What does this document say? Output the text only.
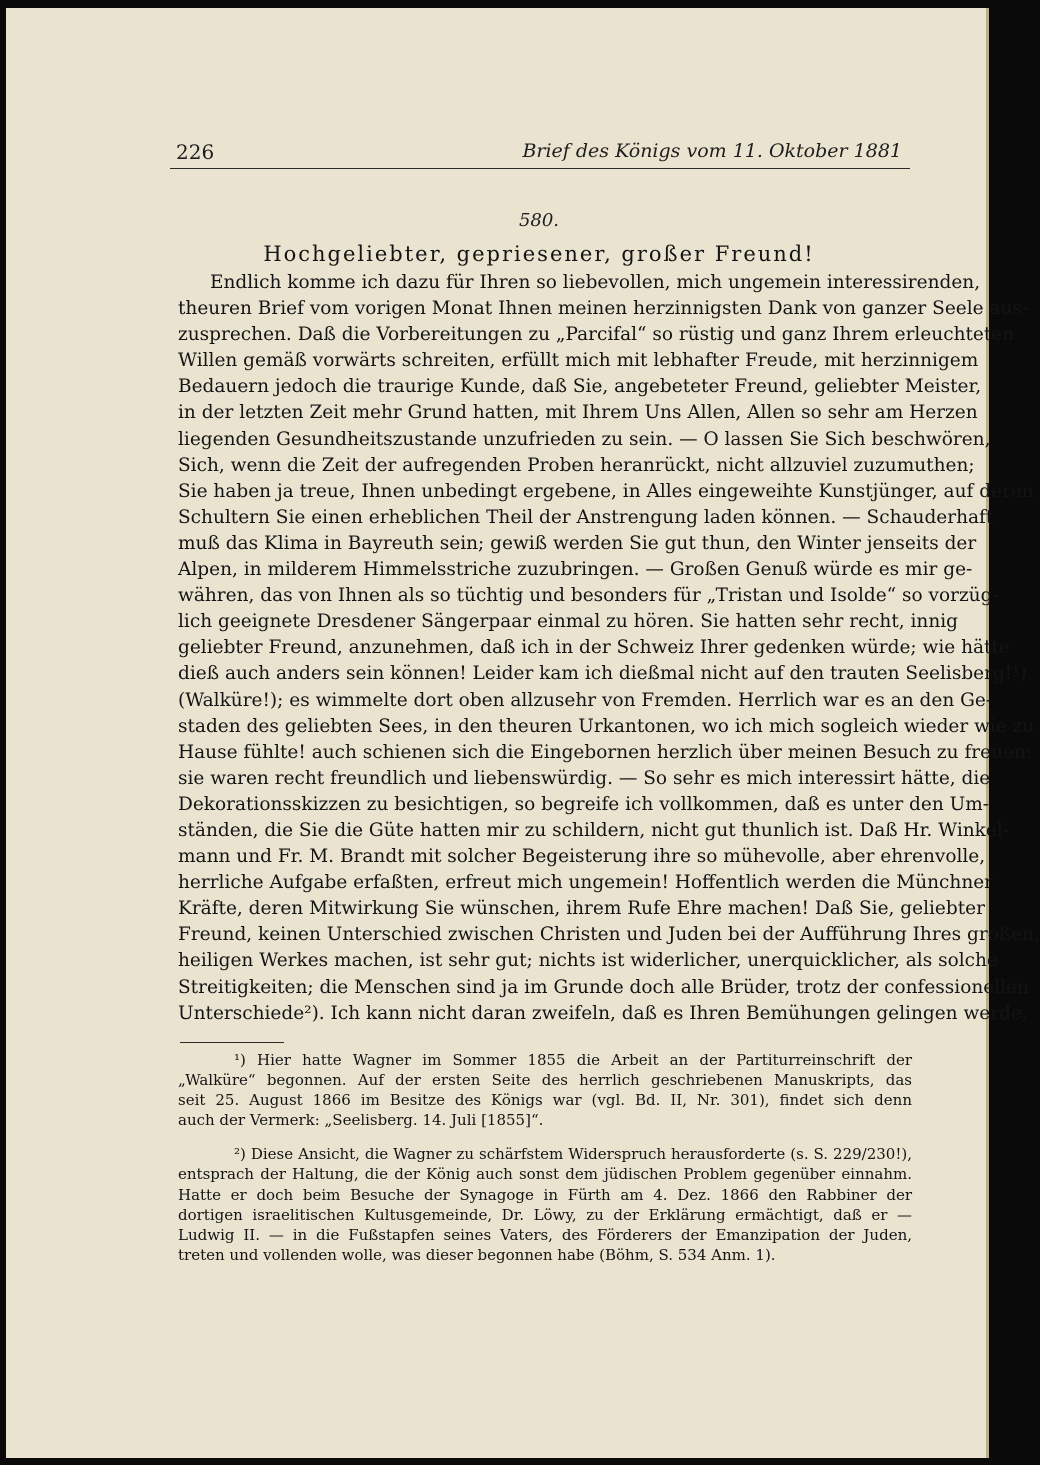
226	Brief des Königs vom 11. Oktober 1881
580.
Hochgeliebter, gepriesener, großer Freund!
Endlich komme ich dazu für Ihren so liebevollen, mich ungemein interessirenden,
theuren Brief vom vorigen Monat Ihnen meinen herzinnigsten Dank von ganzer Seele aus-
zusprechen. Daß die Vorbereitungen zu „Parcifal“ so rüstig und ganz Ihrem erleuchteten
Willen gemäß vorwärts schreiten, erfüllt mich mit lebhafter Freude, mit herzinnigem
Bedauern jedoch die traurige Kunde, daß Sie, angebeteter Freund, geliebter Meister,
in der letzten Zeit mehr Grund hatten, mit Ihrem Uns Allen, Allen so sehr am Herzen
liegenden Gesundheitszustande unzufrieden zu sein. — O lassen Sie Sich beschwören,
Sich, wenn die Zeit der aufregenden Proben heranrückt, nicht allzuviel zuzumuthen;
Sie haben ja treue, Ihnen unbedingt ergebene, in Alles eingeweihte Kunstjünger, auf deren
Schultern Sie einen erheblichen Theil der Anstrengung laden können. — Schauderhaft
muß das Klima in Bayreuth sein; gewiß werden Sie gut thun, den Winter jenseits der
Alpen, in milderem Himmelsstriche zuzubringen. — Großen Genuß würde es mir ge-
währen, das von Ihnen als so tüchtig und besonders für „Tristan und Isolde“ so vorzüg-
lich geeignete Dresdener Sängerpaar einmal zu hören. Sie hatten sehr recht, innig
geliebter Freund, anzunehmen, daß ich in der Schweiz Ihrer gedenken würde; wie hätte
dieß auch anders sein können! Leider kam ich dießmal nicht auf den trauten Seelisberg!¹)
(Walküre!); es wimmelte dort oben allzusehr von Fremden. Herrlich war es an den Ge-
staden des geliebten Sees, in den theuren Urkantonen, wo ich mich sogleich wieder wie zu
Hause fühlte! auch schienen sich die Eingebornen herzlich über meinen Besuch zu freuen:
sie waren recht freundlich und liebenswürdig. — So sehr es mich interessirt hätte, die
Dekorationsskizzen zu besichtigen, so begreife ich vollkommen, daß es unter den Um-
ständen, die Sie die Güte hatten mir zu schildern, nicht gut thunlich ist. Daß Hr. Winkel-
mann und Fr. M. Brandt mit solcher Begeisterung ihre so mühevolle, aber ehrenvolle,
herrliche Aufgabe erfaßten, erfreut mich ungemein! Hoffentlich werden die Münchner
Kräfte, deren Mitwirkung Sie wünschen, ihrem Rufe Ehre machen! Daß Sie, geliebter
Freund, keinen Unterschied zwischen Christen und Juden bei der Aufführung Ihres großen,
heiligen Werkes machen, ist sehr gut; nichts ist widerlicher, unerquicklicher, als solche
Streitigkeiten; die Menschen sind ja im Grunde doch alle Brüder, trotz der confessionellen
Unterschiede²). Ich kann nicht daran zweifeln, daß es Ihren Bemühungen gelingen werde,
¹) Hier hatte Wagner im Sommer 1855 die Arbeit an der Partiturreinschrift der
„Walküre“ begonnen. Auf der ersten Seite des herrlich geschriebenen Manuskripts, das
seit 25. August 1866 im Besitze des Königs war (vgl. Bd. II, Nr. 301), findet sich denn
auch der Vermerk: „Seelisberg. 14. Juli [1855]“.
²) Diese Ansicht, die Wagner zu schärfstem Widerspruch herausforderte (s. S. 229/230!),
entsprach der Haltung, die der König auch sonst dem jüdischen Problem gegenüber einnahm.
Hatte er doch beim Besuche der Synagoge in Fürth am 4. Dez. 1866 den Rabbiner der
dortigen israelitischen Kultusgemeinde, Dr. Löwy, zu der Erklärung ermächtigt, daß er —
Ludwig II. — in die Fußstapfen seines Vaters, des Förderers der Emanzipation der Juden,
treten und vollenden wolle, was dieser begonnen habe (Böhm, S. 534 Anm. 1).
